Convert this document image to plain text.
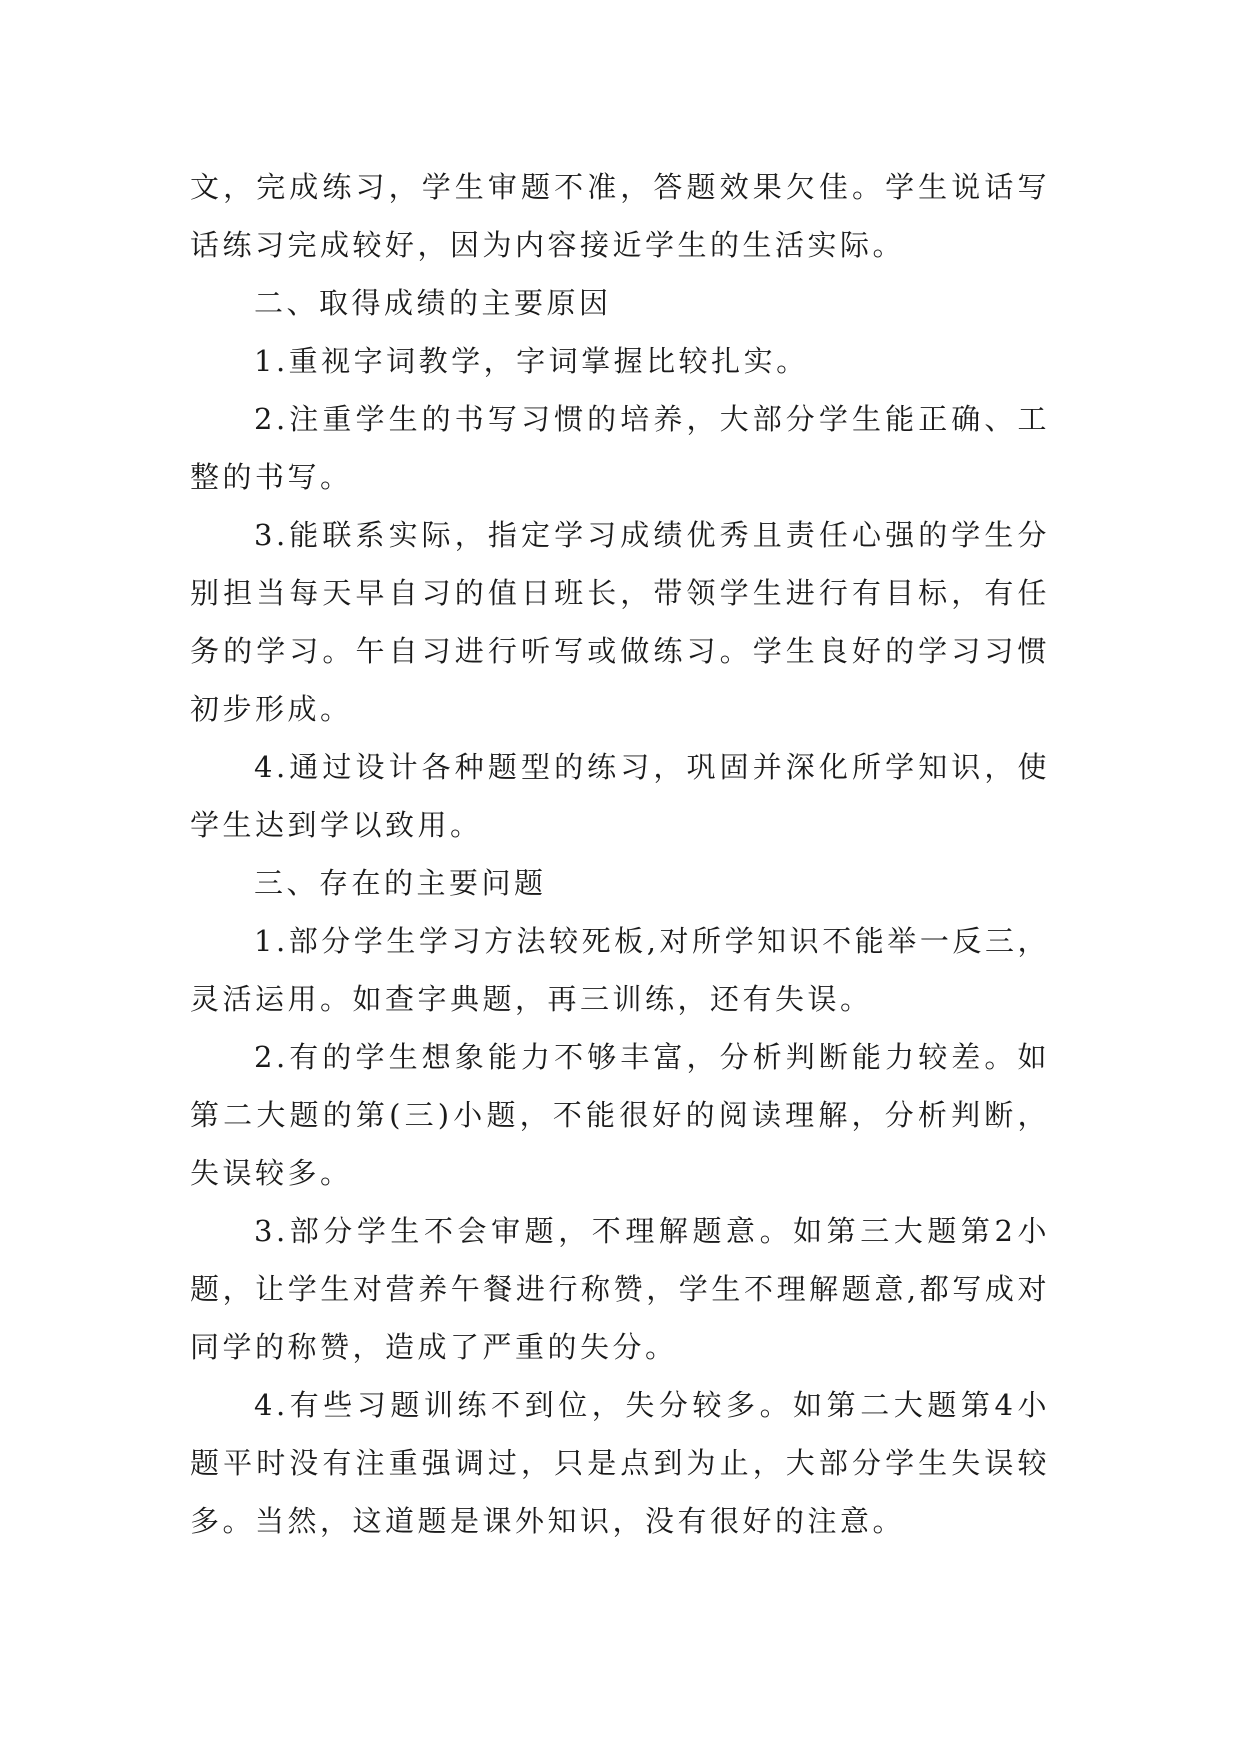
文，完成练习，学生审题不准，答题效果欠佳。学生说话写话练习完成较好，因为内容接近学生的生活实际。

二、取得成绩的主要原因

1.重视字词教学，字词掌握比较扎实。

2.注重学生的书写习惯的培养，大部分学生能正确、工整的书写。

3.能联系实际，指定学习成绩优秀且责任心强的学生分别担当每天早自习的值日班长，带领学生进行有目标，有任务的学习。午自习进行听写或做练习。学生良好的学习习惯初步形成。

4.通过设计各种题型的练习，巩固并深化所学知识，使学生达到学以致用。

三、存在的主要问题

1.部分学生学习方法较死板,对所学知识不能举一反三，灵活运用。如查字典题，再三训练，还有失误。

2.有的学生想象能力不够丰富，分析判断能力较差。如第二大题的第(三)小题，不能很好的阅读理解，分析判断，失误较多。

3.部分学生不会审题，不理解题意。如第三大题第2小题，让学生对营养午餐进行称赞，学生不理解题意,都写成对同学的称赞，造成了严重的失分。

4.有些习题训练不到位，失分较多。如第二大题第4小题平时没有注重强调过，只是点到为止，大部分学生失误较多。当然，这道题是课外知识，没有很好的注意。
